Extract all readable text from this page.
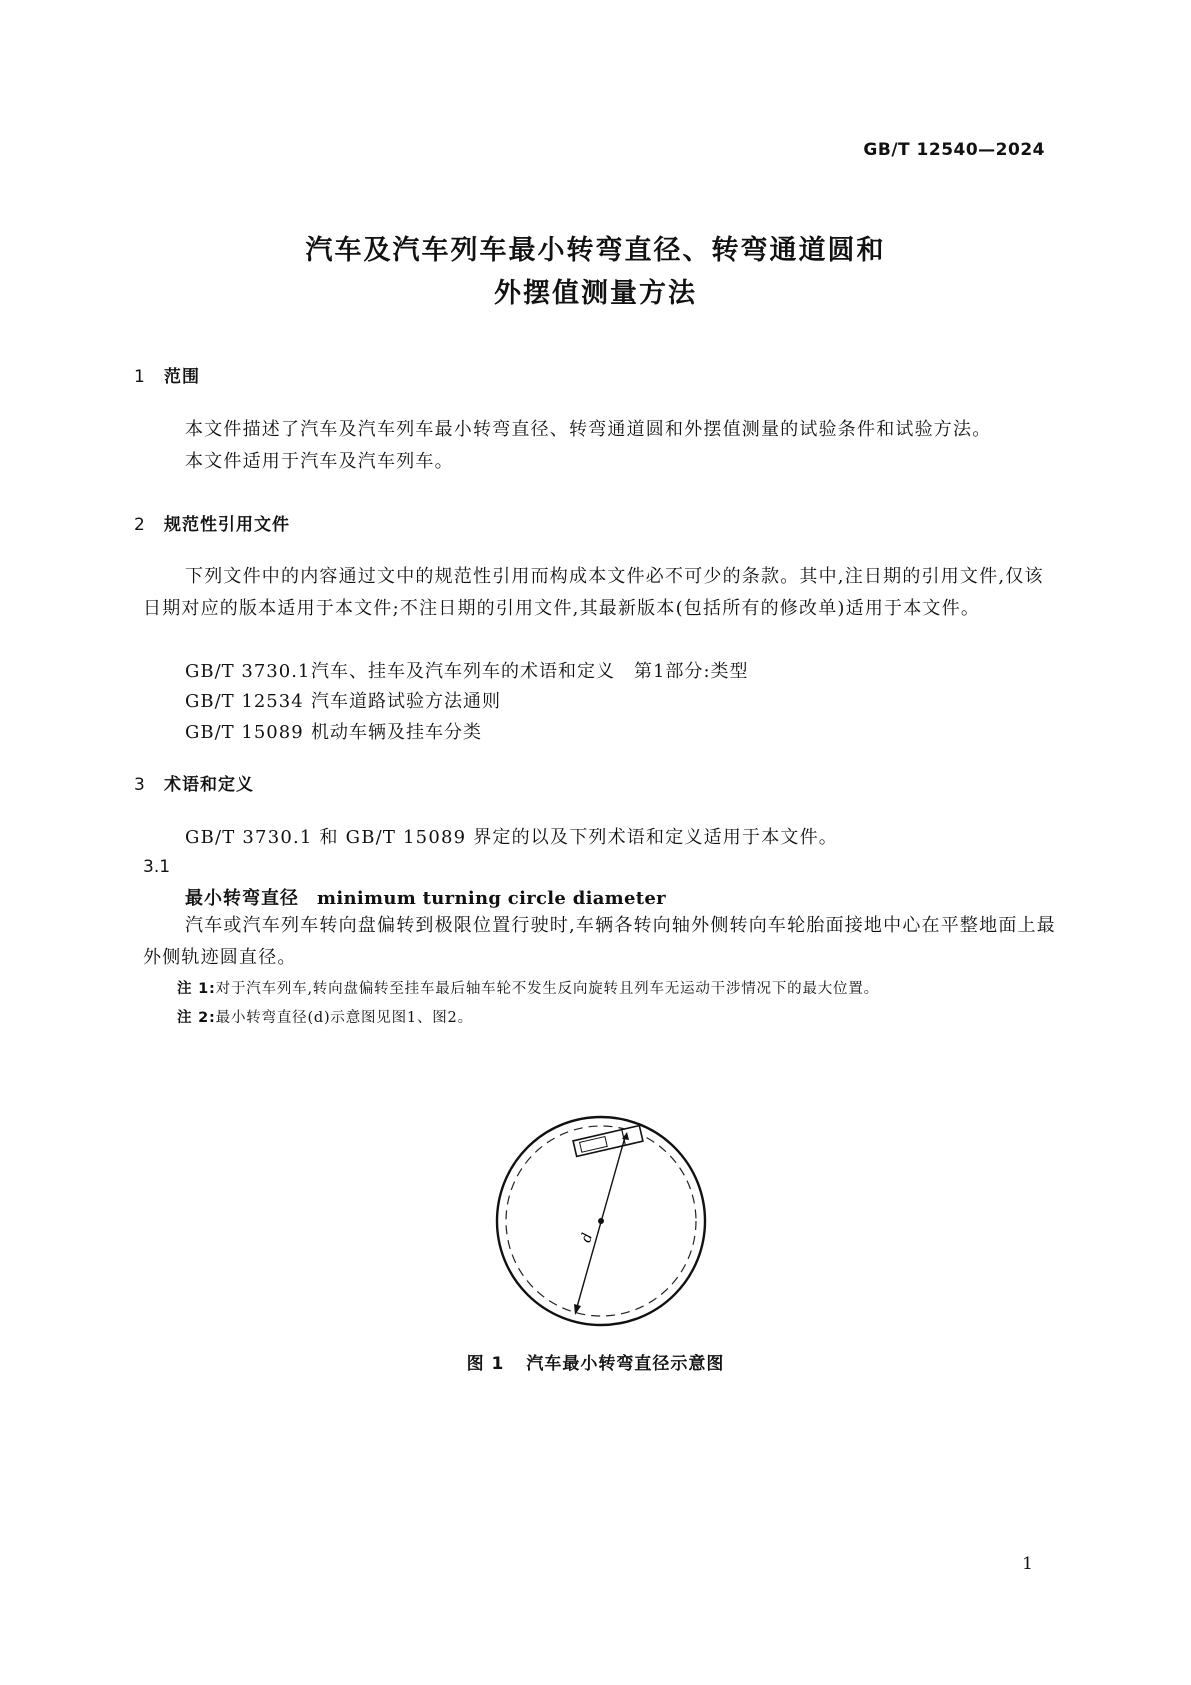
GB/T 12540—2024
汽车及汽车列车最小转弯直径、转弯通道圆和
外摆值测量方法
1 范围
本文件描述了汽车及汽车列车最小转弯直径、转弯通道圆和外摆值测量的试验条件和试验方法。
本文件适用于汽车及汽车列车。
2 规范性引用文件
下列文件中的内容通过文中的规范性引用而构成本文件必不可少的条款。其中,注日期的引用文件,仅该日期对应的版本适用于本文件;不注日期的引用文件,其最新版本(包括所有的修改单)适用于本文件。
GB/T 3730.1汽车、挂车及汽车列车的术语和定义　第1部分:类型
GB/T 12534 汽车道路试验方法通则
GB/T 15089 机动车辆及挂车分类
3 术语和定义
GB/T 3730.1 和 GB/T 15089 界定的以及下列术语和定义适用于本文件。
3.1
最小转弯直径 minimum turning circle diameter
汽车或汽车列车转向盘偏转到极限位置行驶时,车辆各转向轴外侧转向车轮胎面接地中心在平整地面上最外侧轨迹圆直径。
注 1:对于汽车列车,转向盘偏转至挂车最后轴车轮不发生反向旋转且列车无运动干涉情况下的最大位置。
注 2:最小转弯直径(d)示意图见图1、图2。
d
图 1 汽车最小转弯直径示意图
1
